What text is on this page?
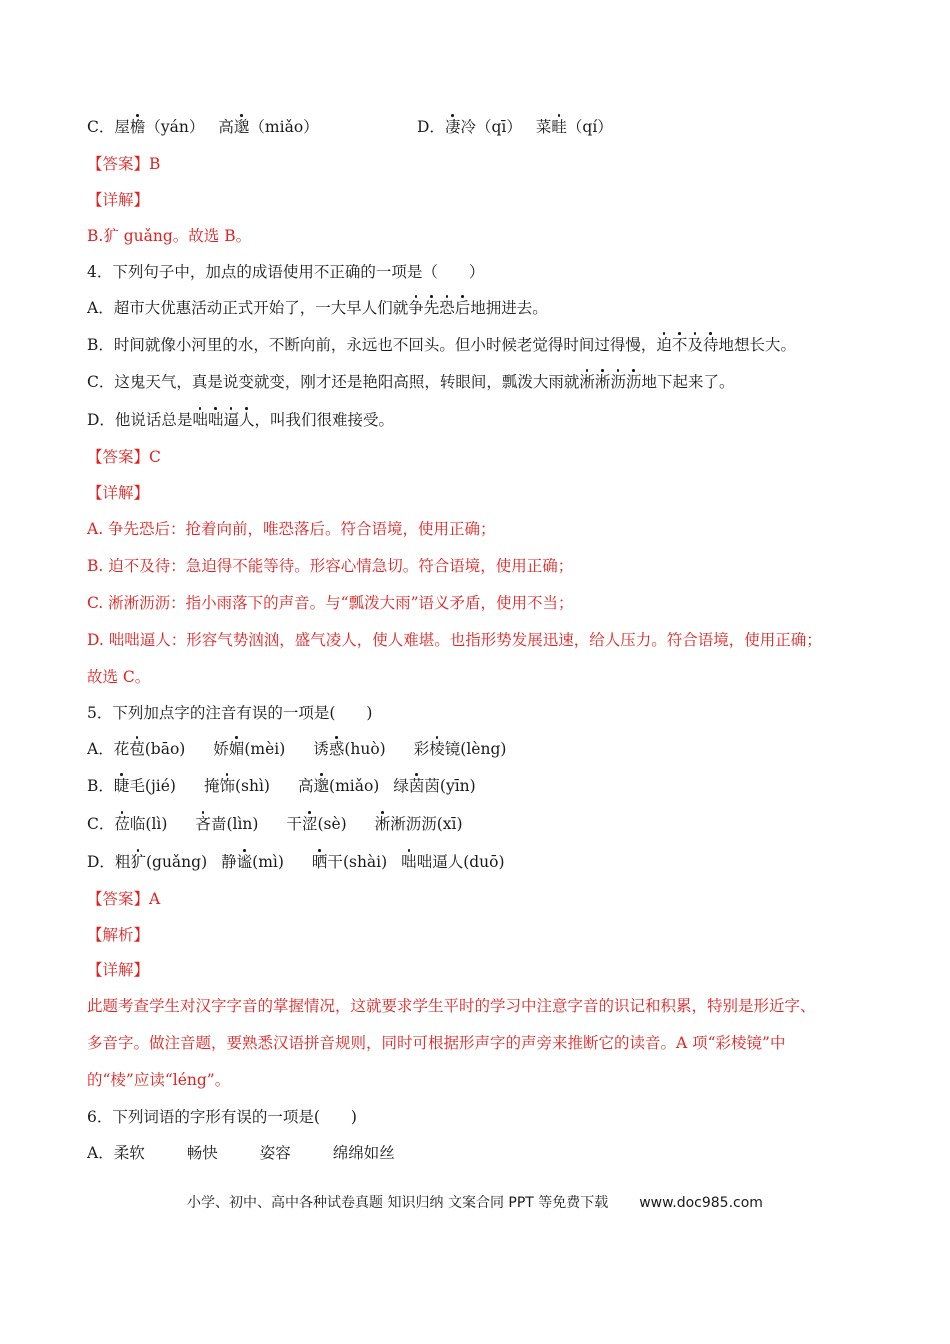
C．屋檐（yán） 高邈（miǎo）	D．凄冷（qī） 菜畦（qí）
【答案】B
【详解】
B.犷 guǎng。故选 B。
4．下列句子中，加点的成语使用不正确的一项是（　　）
A．超市大优惠活动正式开始了，一大早人们就争先恐后地拥进去。
B．时间就像小河里的水，不断向前，永远也不回头。但小时候老觉得时间过得慢，迫不及待地想长大。
C．这鬼天气，真是说变就变，刚才还是艳阳高照，转眼间，瓢泼大雨就淅淅沥沥地下起来了。
D．他说话总是咄咄逼人，叫我们很难接受。
【答案】C
【详解】
A. 争先恐后：抢着向前，唯恐落后。符合语境，使用正确；
B. 迫不及待：急迫得不能等待。形容心情急切。符合语境，使用正确；
C. 淅淅沥沥：指小雨落下的声音。与“瓢泼大雨”语义矛盾，使用不当；
D. 咄咄逼人：形容气势汹汹，盛气凌人，使人难堪。也指形势发展迅速，给人压力。符合语境，使用正确；
故选 C。
5．下列加点字的注音有误的一项是(　　)
A．花苞(bāo) 娇媚(mèi) 诱惑(huò) 彩棱镜(lèng)
B．睫毛(jié) 掩饰(shì) 高邈(miǎo) 绿茵茵(yīn)
C．莅临(lì) 吝啬(lìn) 干涩(sè) 淅淅沥沥(xī)
D．粗犷(guǎng) 静谧(mì) 晒干(shài) 咄咄逼人(duō)
【答案】A
【解析】
【详解】
此题考查学生对汉字字音的掌握情况，这就要求学生平时的学习中注意字音的识记和积累，特别是形近字、
多音字。做注音题，要熟悉汉语拼音规则，同时可根据形声字的声旁来推断它的读音。A 项“彩棱镜”中
的“棱”应读“léng”。
6．下列词语的字形有误的一项是(　　)
A．柔软	畅快	姿容	绵绵如丝
小学、初中、高中各种试卷真题 知识归纳 文案合同 PPT 等免费下载 www.doc985.com
